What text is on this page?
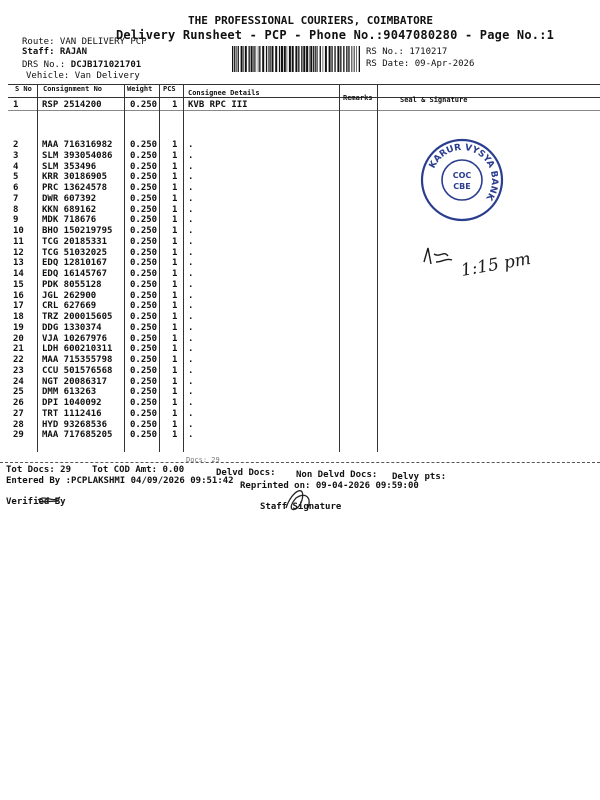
THE PROFESSIONAL COURIERS, COIMBATORE
Delivery Runsheet - PCP - Phone No.:9047080280 - Page No.:1
Route: VAN DELIVERY PCP
Staff: RAJAN
DRS No.: DCJB171021701
Vehicle: Van Delivery
RS No.: 1710217
RS Date: 09-Apr-2026
S No Consignment No	Weight PCS Consignee Details
Remarks	Seal & Signature
1	RSP 2514200	0.250 1 KVB RPC III
2	MAA 716316982 0.250 1 .
3	SLM 393054086 0.250 1 .
4	SLM 353496	0.250 1 .
5	KRR 30186905	0.250 1 .
6	PRC 13624578	0.250 1 .
7	DWR 607392	0.250 1 .
8	KKN 689162	0.250 1 .
9	MDK 718676	0.250 1 .
10 BHO 150219795 0.250 1 .
11 TCG 20185331	0.250 1 .
12 TCG 51032025	0.250 1 .
13 EDQ 12810167	0.250 1 .
14 EDQ 16145767	0.250 1 .
15 PDK 8055128	0.250 1 .
16 JGL 262900	0.250 1 .
17 CRL 627669	0.250 1 .
18 TRZ 200015605 0.250 1 .
19 DDG 1330374	0.250 1 .
20 VJA 10267976	0.250 1 .
21 LDH 600210311 0.250 1 .
22 MAA 715355798 0.250 1 .
23 CCU 501576568 0.250 1 .
24 NGT 20086317	0.250 1 .
25 DMM 613263	0.250 1 .
26 DPI 1040092	0.250 1 .
27 TRT 1112416	0.250 1 .
28 HYD 93268536	0.250 1 .
29 MAA 717685205 0.250 1 .
Docs: 29
Tot Docs: 29 Tot COD Amt: 0.00	Delvd Docs: Non Delvd Docs: Delvy pts:
Entered By :PCPLAKSHMI 04/09/2026 09:51:42 Reprinted on: 09-04-2026 09:59:00
Verified By	Staff Signature
KARUR VYSYA BANK
COC
CBE
1:15 pm
